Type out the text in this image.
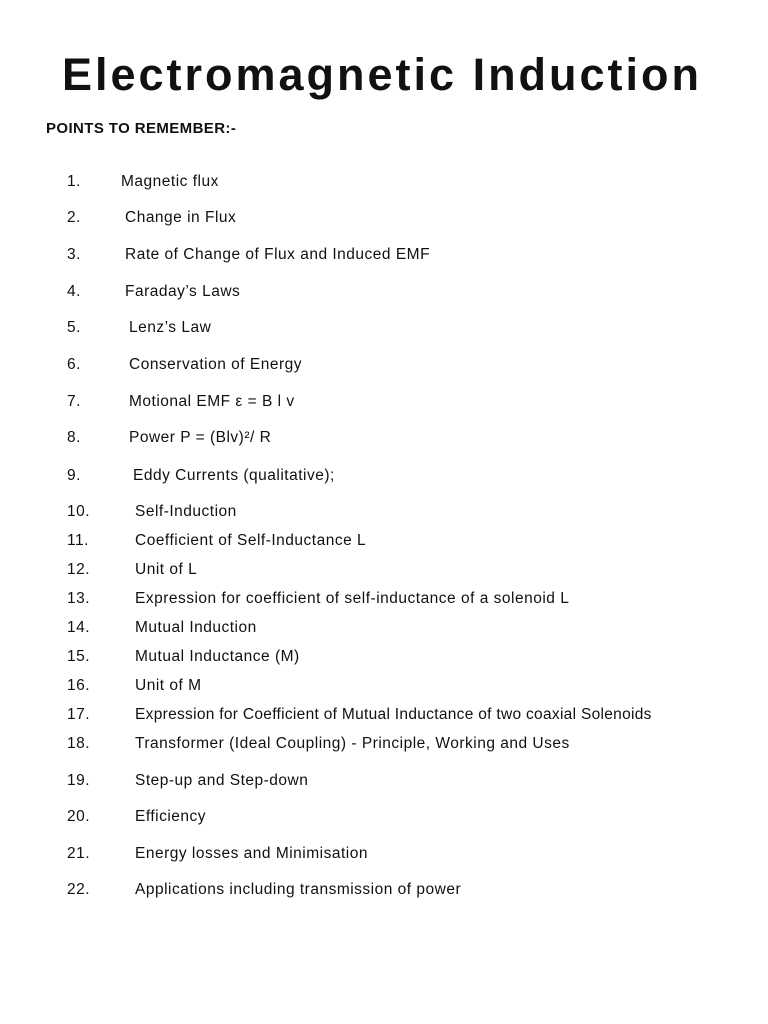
Electromagnetic Induction
POINTS TO REMEMBER:-
1.	Magnetic flux
2.	Change in Flux
3.	Rate of Change of Flux and Induced EMF
4.	Faraday’s Laws
5.	Lenz’s Law
6.	Conservation of Energy
7.	Motional EMF ε = B l v
8.	Power P = (Blv)²/ R
9.	Eddy Currents (qualitative);
10.	Self-Induction
11.	Coefficient of Self-Inductance L
12.	Unit of L
13.	Expression for coefficient of self-inductance of a solenoid L
14.	Mutual Induction
15.	Mutual Inductance (M)
16.	Unit of M
17.	Expression for Coefficient of Mutual Inductance of two coaxial Solenoids
18.	Transformer (Ideal Coupling) - Principle, Working and Uses
19.	Step-up and Step-down
20.	Efficiency
21.	Energy losses and Minimisation
22.	Applications including transmission of power
